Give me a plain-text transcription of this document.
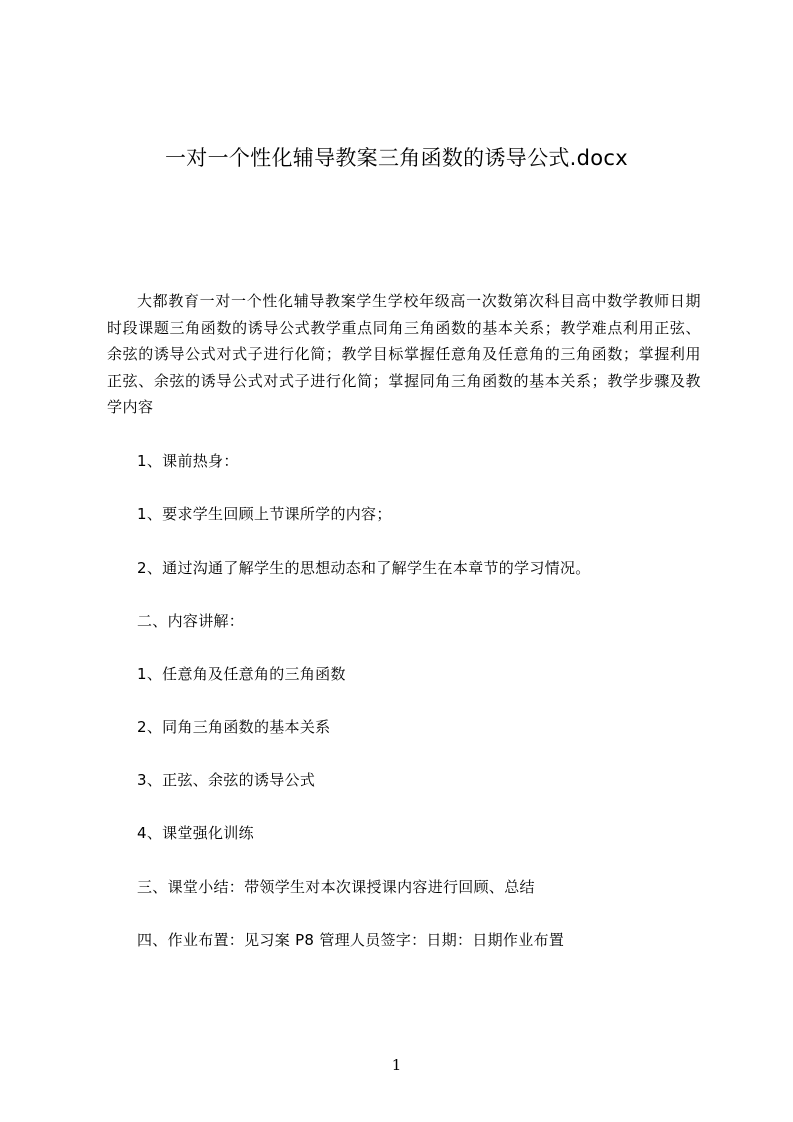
一对一个性化辅导教案三角函数的诱导公式.docx
大都教育一对一个性化辅导教案学生学校年级高一次数第次科目高中数学教师日期时段课题三角函数的诱导公式教学重点同角三角函数的基本关系；教学难点利用正弦、余弦的诱导公式对式子进行化简；教学目标掌握任意角及任意角的三角函数；掌握利用正弦、余弦的诱导公式对式子进行化简；掌握同角三角函数的基本关系；教学步骤及教学内容
1、课前热身：
1、要求学生回顾上节课所学的内容；
2、通过沟通了解学生的思想动态和了解学生在本章节的学习情况。
二、内容讲解：
1、任意角及任意角的三角函数
2、同角三角函数的基本关系
3、正弦、余弦的诱导公式
4、课堂强化训练
三、课堂小结：带领学生对本次课授课内容进行回顾、总结
四、作业布置：见习案 P8 管理人员签字：日期：日期作业布置
1
